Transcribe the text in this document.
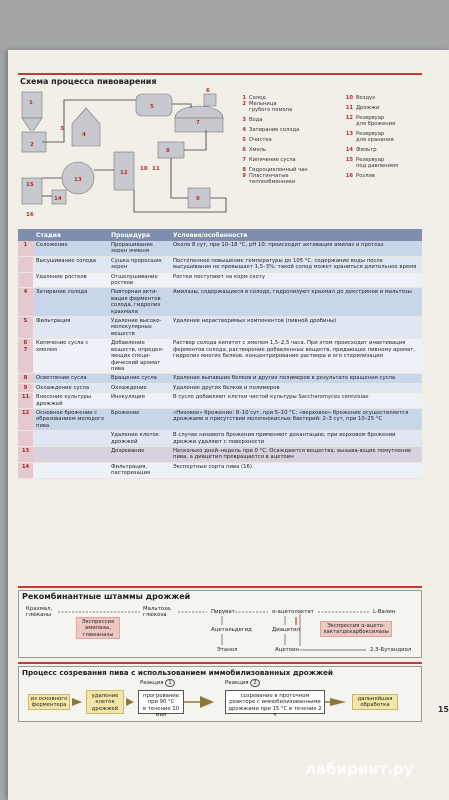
Схема процесса пивоварения
1
2
3
4
5
6
7
8
9
10 11
12
13
14
15
16
1 Солод
2 Мельница
грубого помола
3 Вода
4 Затирание солода
5 Очистка
6 Хмель
7 Кипячение сусла
8 Гидроциклонный чан
9 Пластинчатые
теплообменники
10 Воздух
11 Дрожжи
12 Резервуар
для брожения
13 Резервуар
для хранения
14 Фильтр
15 Резервуар
под давлением
16 Розлив
	Стадия	Процедура	Условия/особенности
1	Соложение	Прорашивание зерен ячменя	Около 8 сут, при 10–18 °С, рН 10: происходит активация амилаз и протеаз
	Высушивание солода	Сушка проросших зерен	Постепенное повышение температуры до 105 °С, содержание воды после высушивания не превышает 1,5–3%; такой солод может храниться длительное время
	Удаление ростков	Отшелушивание ростков	Ростки поступают на корм скоту
4	Затирание солода	Повторная акти-вация ферментов солода, гидролиз крахмала	Амилазы, содержащиеся в солоде, гидролизуют крахмал до декстринов и мальтозы
5	Фильтрация	Удаление высоко-молекулярных веществ	Удаление нерастворимых компонентов (пивной дробины)
6 7	Кипячение сусла с хмелем	Добавление веществ, определ-яющих специ-фический аромат пива	Раствор солода кипятят с хмелем 1,5–2,5 часа. При этом происходит инактивация ферментов солода, растворение добавленных веществ, придающих пивному аромат, гидролиз многих белков, концентрирование раствора и его стерилизация
8	Осветление сусла	Вращение сусла	Удаление выпавших белков и других полимеров в результате вращения сусла
9	Охлаждение сусла	Охлаждение	Удаление других белков и полимеров
11	Внесение культуры дрожжей	Инокуляция	В сусло добавляют клетки чистой культуры Saccharomyces cerevisiae
12	Основное брожение с образованием молодого пива	Брожение	«Низовое» брожение: 8–10 сут, при 5–10 °С; «верховое» брожение осуществляется дрожжами в присутствии молочнокислых бактерий: 2–3 сут, при 10–25 °С
		Удаление клеток дрожжей	В случае низового брожения применяют декантацию, при верховом брожении дрожжи удаляют с поверхности
13		Дозревание	Несколько дней–недель при 0 °С. Осаждаются вещества, вызыва-ющие помутнение пива, а диацетил превращается в ацетоин
14		Фильтрация, пастеризация	Экспортные сорта пива (16)
Рекомбинантные штаммы дрожжей
Крахмал,
глюканы
Мальтоза,
глюкоза	Пируват	α-ацетолактат	L-Валин
Ацетальдегид	Диацетил
Этанол	Ацетоин	2,3-Бутандиол
Экспрессия
амилазы,
глюканазы
Экспрессия α-ацето-
лактатдекарбоксилазы
Процесс созревания пива с использованием иммобилизованных дрожжей
Реакция 1	Реакция 2
из основного
ферментера
удаление
клеток
дрожжей
прогревание
при 90 °С
в течение 10 мин
созревание в проточном
реакторе с иммобилизованными
дрожжами при 15 °С в течение 2 ч
дальнейшая
обработка	15
лабиринт.ру
